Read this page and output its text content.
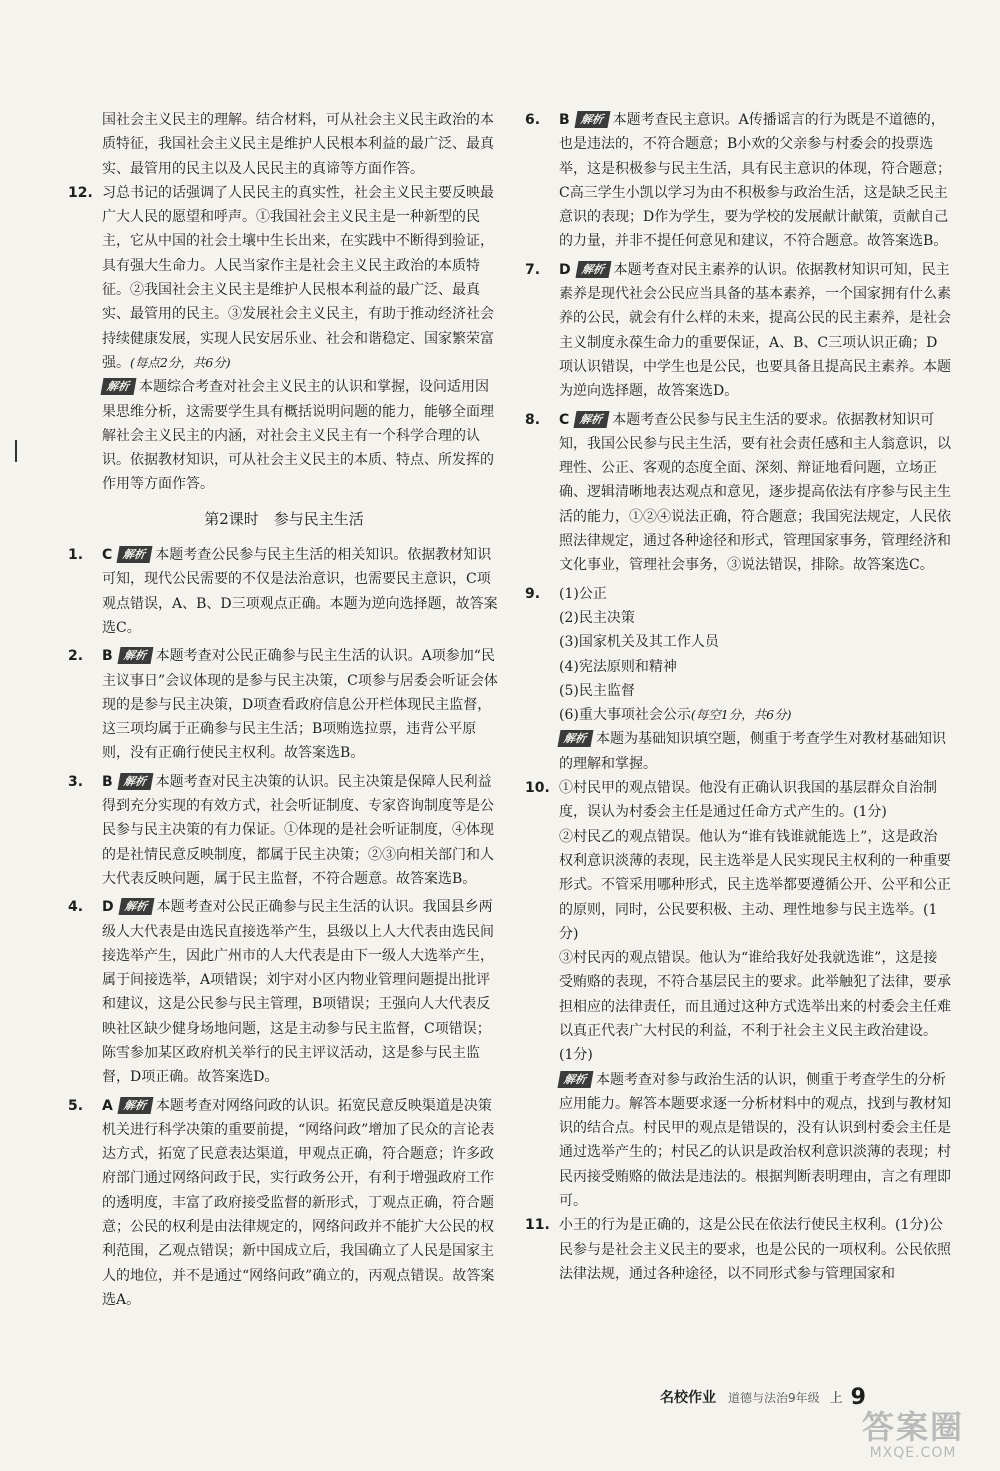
国社会主义民主的理解。结合材料，可从社会主义民主政治的本质特征，我国社会主义民主是维护人民根本利益的最广泛、最真实、最管用的民主以及人民民主的真谛等方面作答。

12. 习总书记的话强调了人民民主的真实性，社会主义民主要反映最广大人民的愿望和呼声。①我国社会主义民主是一种新型的民主，它从中国的社会土壤中生长出来，在实践中不断得到验证，具有强大生命力。人民当家作主是社会主义民主政治的本质特征。②我国社会主义民主是维护人民根本利益的最广泛、最真实、最管用的民主。③发展社会主义民主，有助于推动经济社会持续健康发展，实现人民安居乐业、社会和谐稳定、国家繁荣富强。(每点2分，共6分)

解析 本题综合考查对社会主义民主的认识和掌握，设问适用因果思维分析，这需要学生具有概括说明问题的能力，能够全面理解社会主义民主的内涵，对社会主义民主有一个科学合理的认识。依据教材知识，可从社会主义民主的本质、特点、所发挥的作用等方面作答。

第2课时　参与民主生活
1. C 解析 本题考查公民参与民主生活的相关知识。依据教材知识可知，现代公民需要的不仅是法治意识，也需要民主意识，C项观点错误，A、B、D三项观点正确。本题为逆向选择题，故答案选C。
2. B 解析 本题考查对公民正确参与民主生活的认识。A项参加“民主议事日”会议体现的是参与民主决策，C项参与居委会听证会体现的是参与民主决策，D项查看政府信息公开栏体现民主监督，这三项均属于正确参与民主生活；B项贿选拉票，违背公平原则，没有正确行使民主权利。故答案选B。
3. B 解析 本题考查对民主决策的认识。民主决策是保障人民利益得到充分实现的有效方式，社会听证制度、专家咨询制度等是公民参与民主决策的有力保证。①体现的是社会听证制度，④体现的是社情民意反映制度，都属于民主决策；②③向相关部门和人大代表反映问题，属于民主监督，不符合题意。故答案选B。
4. D 解析 本题考查对公民正确参与民主生活的认识。我国县乡两级人大代表是由选民直接选举产生，县级以上人大代表由选民间接选举产生，因此广州市的人大代表是由下一级人大选举产生，属于间接选举，A项错误；刘宇对小区内物业管理问题提出批评和建议，这是公民参与民主管理，B项错误；王强向人大代表反映社区缺少健身场地问题，这是主动参与民主监督，C项错误；陈雪参加某区政府机关举行的民主评议活动，这是参与民主监督，D项正确。故答案选D。
5. A 解析 本题考查对网络问政的认识。拓宽民意反映渠道是决策机关进行科学决策的重要前提，“网络问政”增加了民众的言论表达方式，拓宽了民意表达渠道，甲观点正确，符合题意；许多政府部门通过网络问政于民，实行政务公开，有利于增强政府工作的透明度，丰富了政府接受监督的新形式，丁观点正确，符合题意；公民的权利是由法律规定的，网络问政并不能扩大公民的权利范围，乙观点错误；新中国成立后，我国确立了人民是国家主人的地位，并不是通过“网络问政”确立的，丙观点错误。故答案选A。
6. B 解析 本题考查民主意识。A传播谣言的行为既是不道德的，也是违法的，不符合题意；B小欢的父亲参与村委会的投票选举，这是积极参与民主生活，具有民主意识的体现，符合题意；C高三学生小凯以学习为由不积极参与政治生活，这是缺乏民主意识的表现；D作为学生，要为学校的发展献计献策，贡献自己的力量，并非不提任何意见和建议，不符合题意。故答案选B。
7. D 解析 本题考查对民主素养的认识。依据教材知识可知，民主素养是现代社会公民应当具备的基本素养，一个国家拥有什么素养的公民，就会有什么样的未来，提高公民的民主素养，是社会主义制度永葆生命力的重要保证，A、B、C三项认识正确；D项认识错误，中学生也是公民，也要具备且提高民主素养。本题为逆向选择题，故答案选D。
8. C 解析 本题考查公民参与民主生活的要求。依据教材知识可知，我国公民参与民主生活，要有社会责任感和主人翁意识，以理性、公正、客观的态度全面、深刻、辩证地看问题，立场正确、逻辑清晰地表达观点和意见，逐步提高依法有序参与民主生活的能力，①②④说法正确，符合题意；我国宪法规定，人民依照法律规定，通过各种途径和形式，管理国家事务，管理经济和文化事业，管理社会事务，③说法错误，排除。故答案选C。
9. (1)公正

(2)民主决策

(3)国家机关及其工作人员

(4)宪法原则和精神

(5)民主监督

(6)重大事项社会公示(每空1分，共6分)

解析 本题为基础知识填空题，侧重于考查学生对教材基础知识的理解和掌握。

10. ①村民甲的观点错误。他没有正确认识我国的基层群众自治制度，误认为村委会主任是通过任命方式产生的。(1分)

②村民乙的观点错误。他认为“谁有钱谁就能选上”，这是政治权利意识淡薄的表现，民主选举是人民实现民主权利的一种重要形式。不管采用哪种形式，民主选举都要遵循公开、公平和公正的原则，同时，公民要积极、主动、理性地参与民主选举。(1分)

③村民丙的观点错误。他认为“谁给我好处我就选谁”，这是接受贿赂的表现，不符合基层民主的要求。此举触犯了法律，要承担相应的法律责任，而且通过这种方式选举出来的村委会主任难以真正代表广大村民的利益，不利于社会主义民主政治建设。(1分)

解析 本题考查对参与政治生活的认识，侧重于考查学生的分析应用能力。解答本题要求逐一分析材料中的观点，找到与教材知识的结合点。村民甲的观点是错误的，没有认识到村委会主任是通过选举产生的；村民乙的认识是政治权利意识淡薄的表现；村民丙接受贿赂的做法是违法的。根据判断表明理由，言之有理即可。

11. 小王的行为是正确的，这是公民在依法行使民主权利。(1分)公民参与是社会主义民主的要求，也是公民的一项权利。公民依照法律法规，通过各种途径，以不同形式参与管理国家和
名校作业 道德与法治9年级 上 9
答案圈
MXQE.COM
